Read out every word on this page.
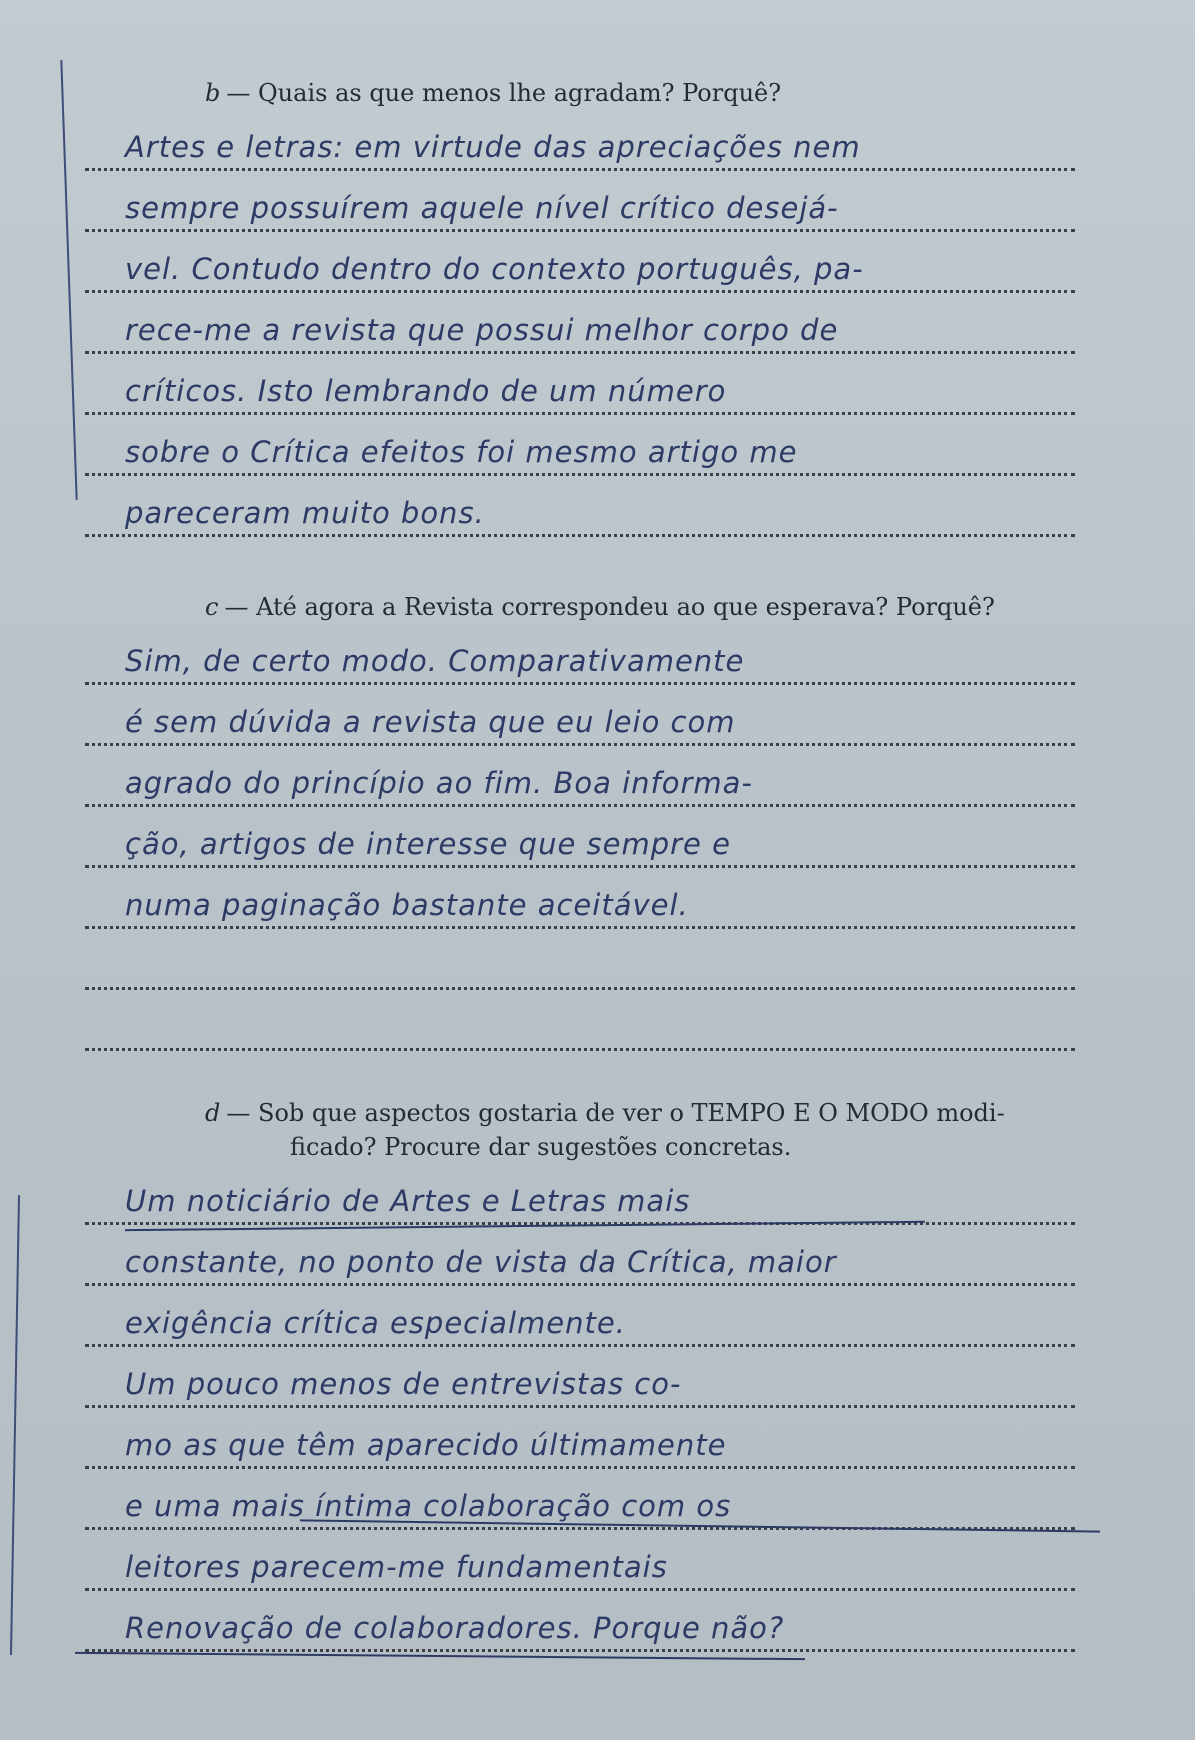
b — Quais as que menos lhe agradam? Porquê?
Artes e letras: em virtude das apreciações nem
sempre possuírem aquele nível crítico desejá-
vel. Contudo dentro do contexto português, pa-
rece-me a revista que possui melhor corpo de
críticos. Isto lembrando de um número
sobre o Crítica efeitos foi mesmo artigo me
pareceram muito bons.
c — Até agora a Revista correspondeu ao que esperava? Porquê?
Sim, de certo modo. Comparativamente
é sem dúvida a revista que eu leio com
agrado do princípio ao fim. Boa informa-
ção, artigos de interesse que sempre e
numa paginação bastante aceitável.
d — Sob que aspectos gostaria de ver o TEMPO E O MODO modi-
ficado? Procure dar sugestões concretas.
Um noticiário de Artes e Letras mais
constante, no ponto de vista da Crítica, maior
exigência crítica especialmente.
Um pouco menos de entrevistas co-
mo as que têm aparecido últimamente
e uma mais íntima colaboração com os
leitores parecem-me fundamentais
Renovação de colaboradores. Porque não?
